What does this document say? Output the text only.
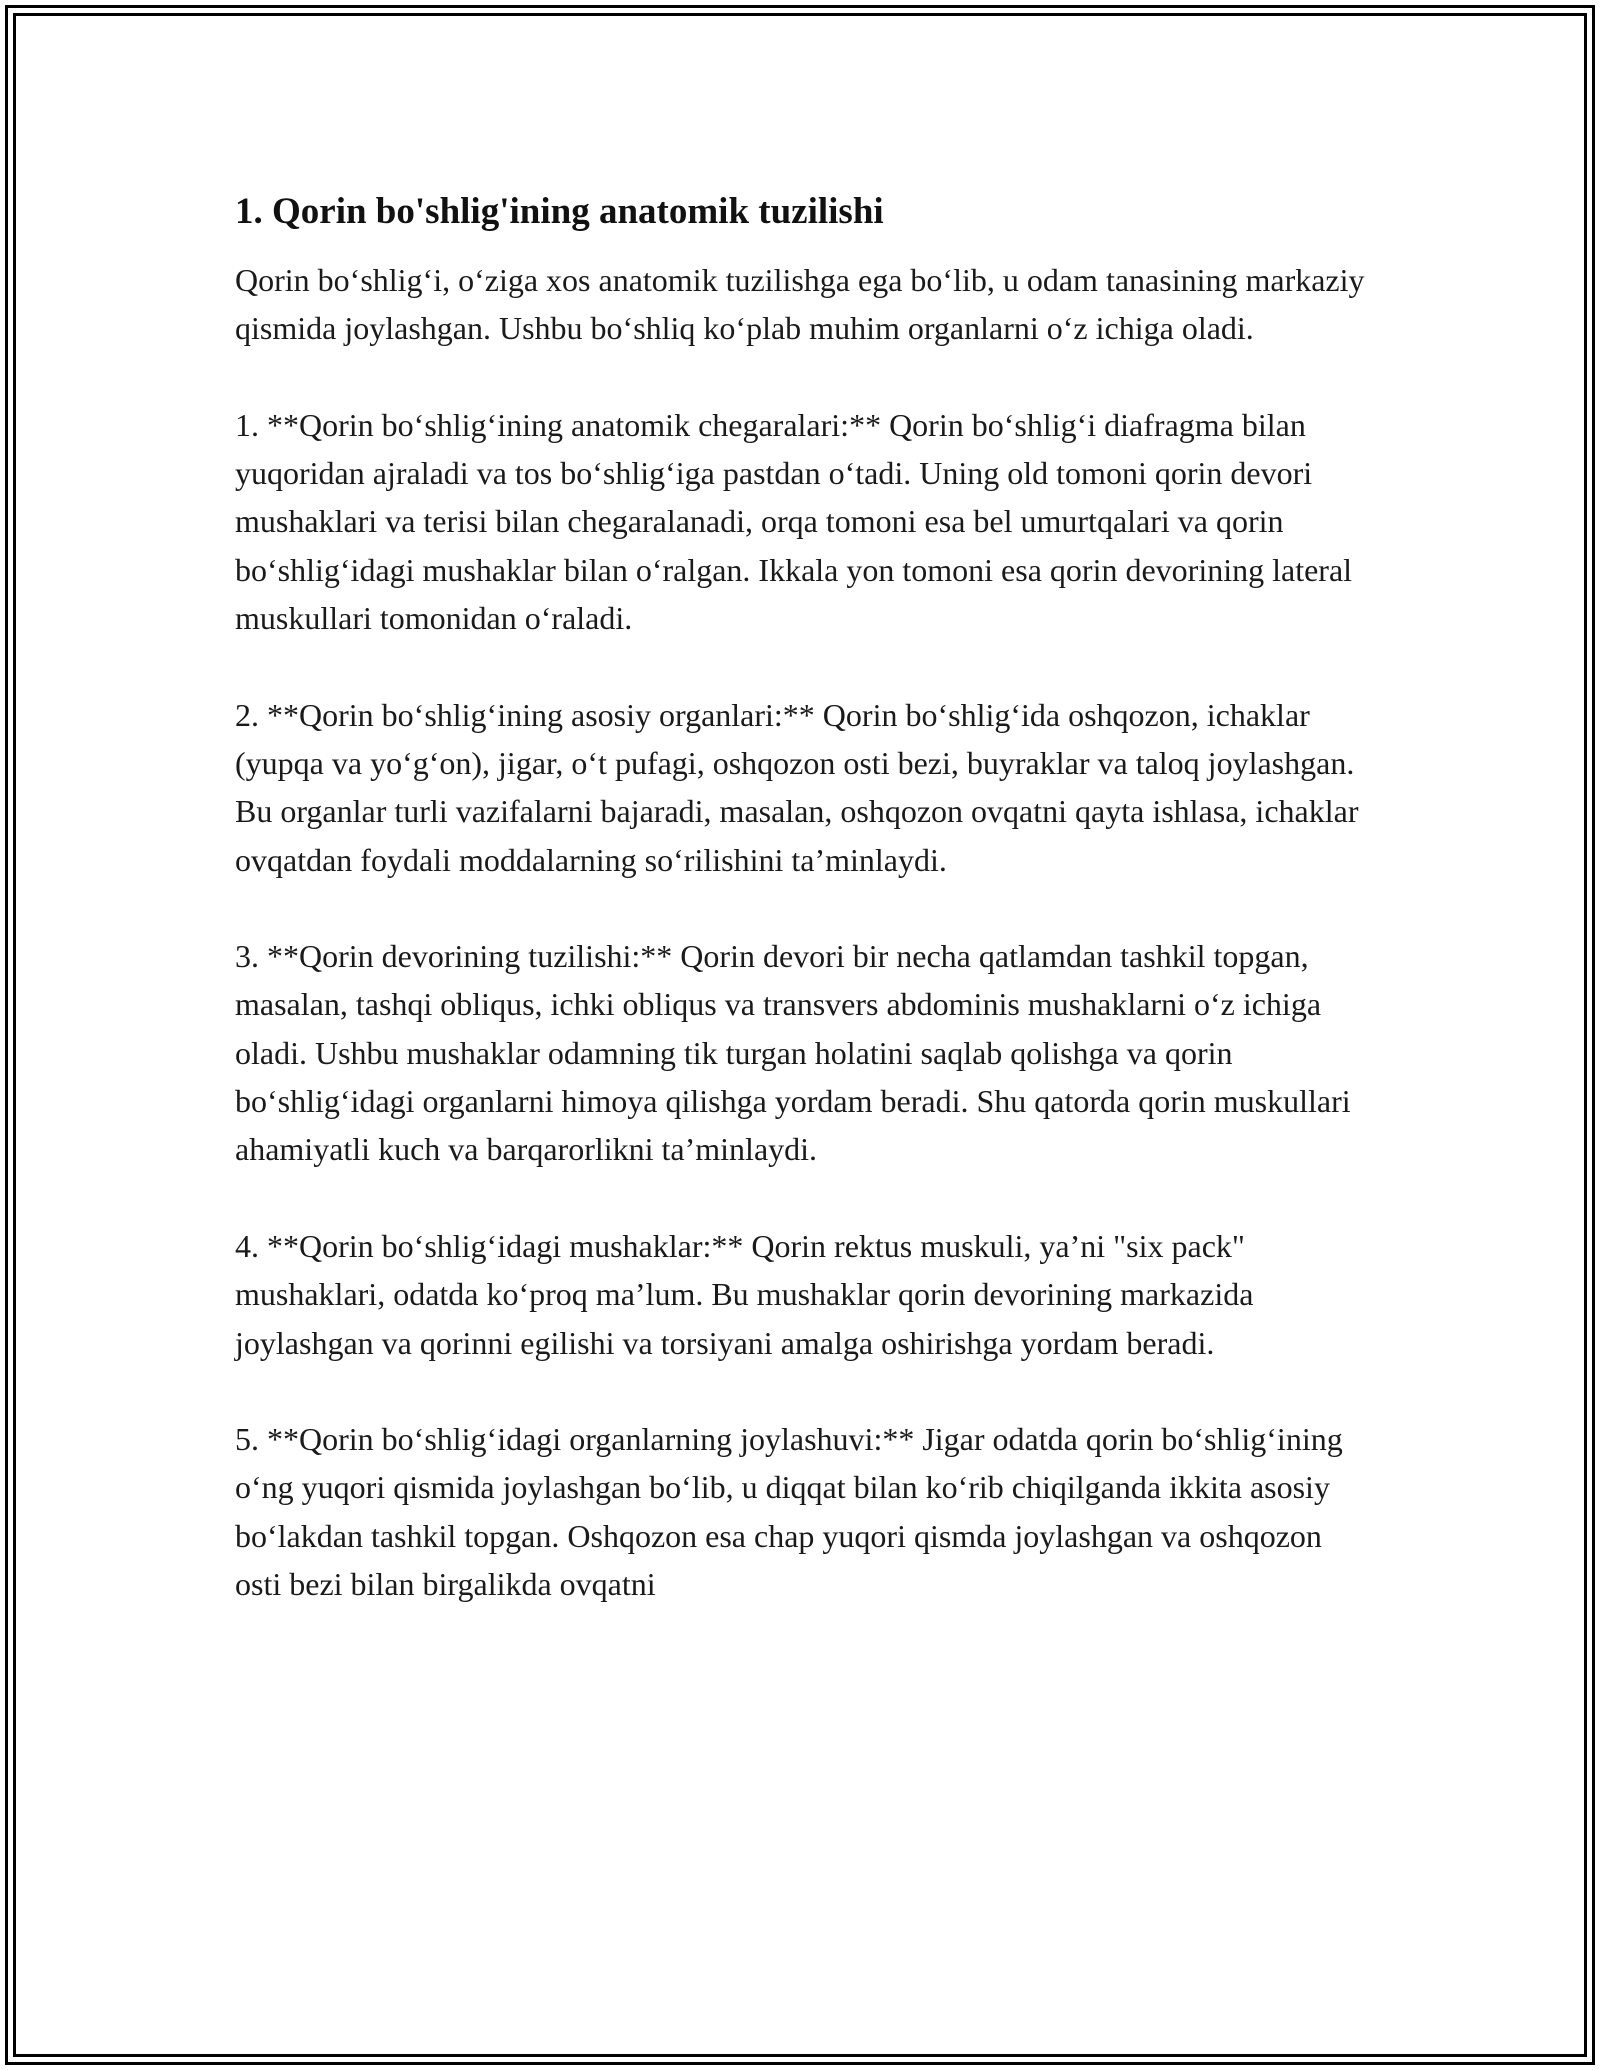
1. Qorin bo'shlig'ining anatomik tuzilishi

Qorin bo‘shlig‘i, o‘ziga xos anatomik tuzilishga ega bo‘lib, u odam tanasining markaziy qismida joylashgan. Ushbu bo‘shliq ko‘plab muhim organlarni o‘z ichiga oladi.

1. **Qorin bo‘shlig‘ining anatomik chegaralari:** Qorin bo‘shlig‘i diafragma bilan yuqoridan ajraladi va tos bo‘shlig‘iga pastdan o‘tadi. Uning old tomoni qorin devori mushaklari va terisi bilan chegaralanadi, orqa tomoni esa bel umurtqalari va qorin bo‘shlig‘idagi mushaklar bilan o‘ralgan. Ikkala yon tomoni esa qorin devorining lateral muskullari tomonidan o‘raladi.

2. **Qorin bo‘shlig‘ining asosiy organlari:** Qorin bo‘shlig‘ida oshqozon, ichaklar (yupqa va yo‘g‘on), jigar, o‘t pufagi, oshqozon osti bezi, buyraklar va taloq joylashgan. Bu organlar turli vazifalarni bajaradi, masalan, oshqozon ovqatni qayta ishlasa, ichaklar ovqatdan foydali moddalarning so‘rilishini ta’minlaydi.

3. **Qorin devorining tuzilishi:** Qorin devori bir necha qatlamdan tashkil topgan, masalan, tashqi obliqus, ichki obliqus va transvers abdominis mushaklarni o‘z ichiga oladi. Ushbu mushaklar odamning tik turgan holatini saqlab qolishga va qorin bo‘shlig‘idagi organlarni himoya qilishga yordam beradi. Shu qatorda qorin muskullari ahamiyatli kuch va barqarorlikni ta’minlaydi.

4. **Qorin bo‘shlig‘idagi mushaklar:** Qorin rektus muskuli, ya’ni "six pack" mushaklari, odatda ko‘proq ma’lum. Bu mushaklar qorin devorining markazida joylashgan va qorinni egilishi va torsiyani amalga oshirishga yordam beradi.

5. **Qorin bo‘shlig‘idagi organlarning joylashuvi:** Jigar odatda qorin bo‘shlig‘ining o‘ng yuqori qismida joylashgan bo‘lib, u diqqat bilan ko‘rib chiqilganda ikkita asosiy bo‘lakdan tashkil topgan. Oshqozon esa chap yuqori qismda joylashgan va oshqozon osti bezi bilan birgalikda ovqatni
